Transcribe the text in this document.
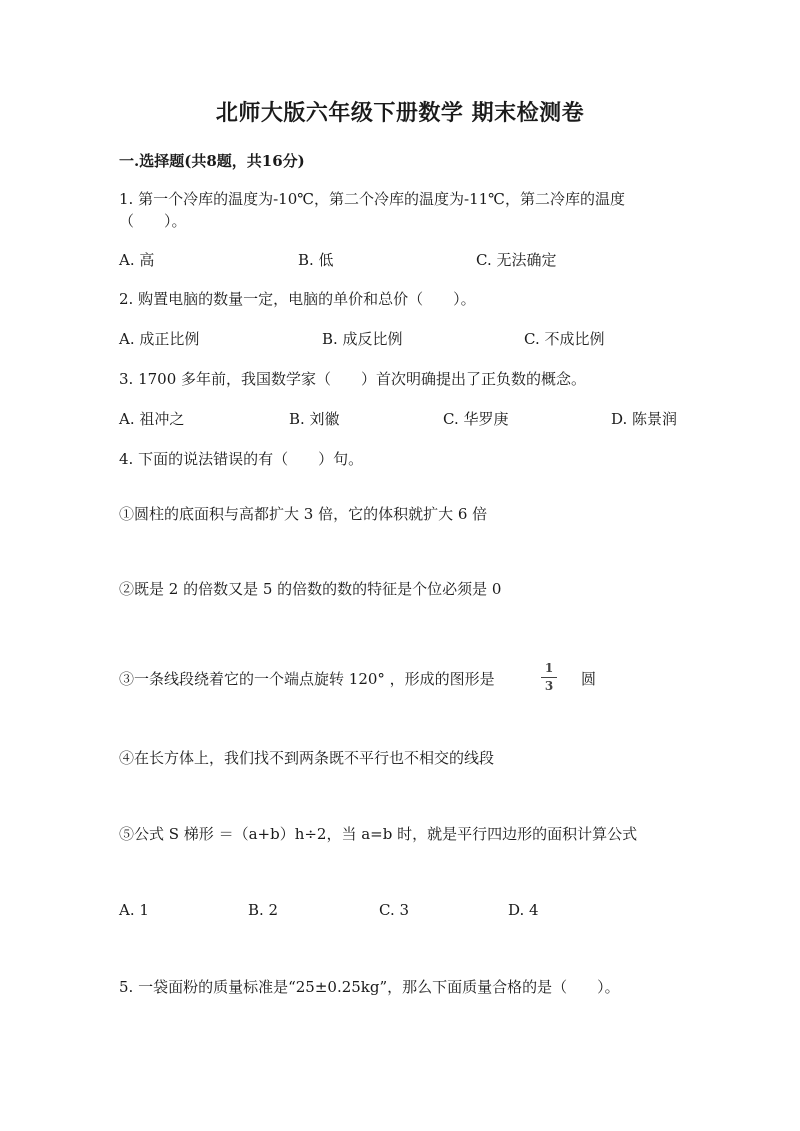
北师大版六年级下册数学 期末检测卷
一.选择题(共8题，共16分)
1. 第一个冷库的温度为-10℃，第二个冷库的温度为-11℃，第二冷库的温度
（　　）。
A. 高	B. 低	C. 无法确定
2. 购置电脑的数量一定，电脑的单价和总价（　　）。
A. 成正比例	B. 成反比例	C. 不成比例
3. 1700 多年前，我国数学家（　　）首次明确提出了正负数的概念。
A. 祖冲之	B. 刘徽	C. 华罗庚	D. 陈景润
4. 下面的说法错误的有（　　）句。
①圆柱的底面积与高都扩大 3 倍，它的体积就扩大 6 倍
②既是 2 的倍数又是 5 的倍数的数的特征是个位必须是 0
③一条线段绕着它的一个端点旋转 120° ，形成的图形是
1
3 圆
④在长方体上，我们找不到两条既不平行也不相交的线段
⑤公式 S 梯形 ＝（a+b）h÷2，当 a=b 时，就是平行四边形的面积计算公式
A. 1	B. 2	C. 3	D. 4
5. 一袋面粉的质量标准是“25±0.25kg”，那么下面质量合格的是（　　）。
